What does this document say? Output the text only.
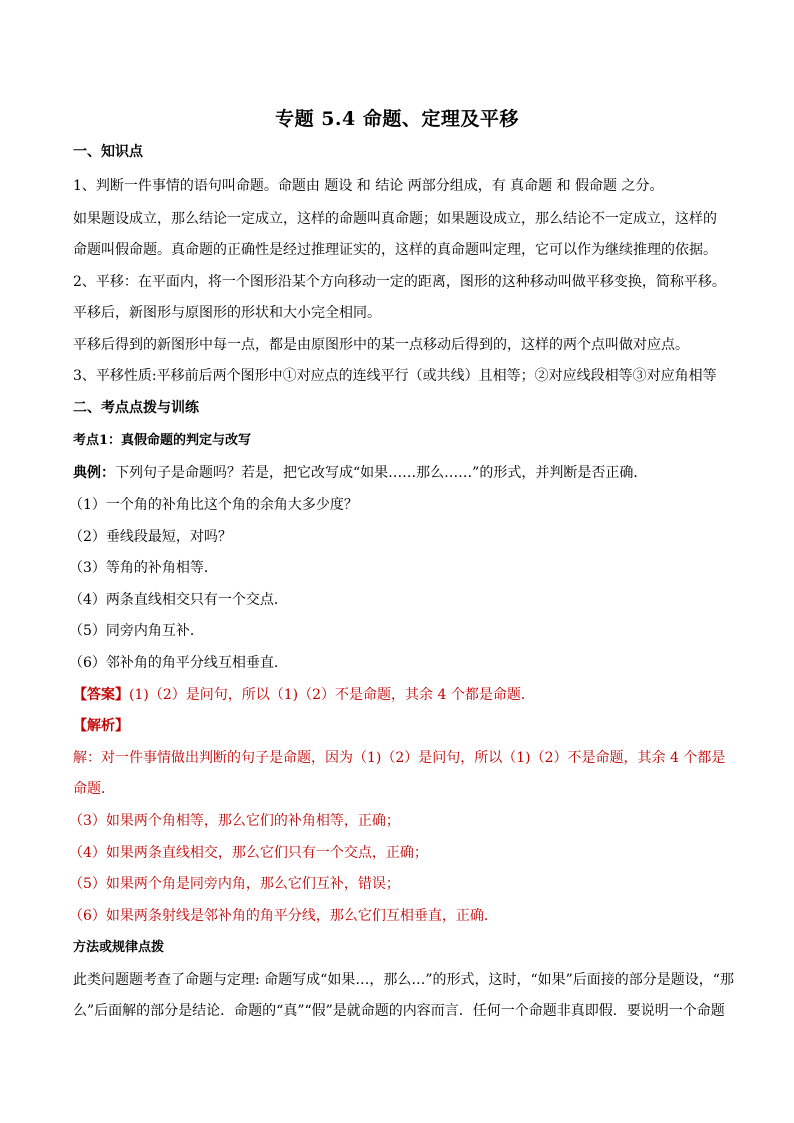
专题 5.4 命题、定理及平移
一、知识点
1、判断一件事情的语句叫命题。命题由 题设 和 结论 两部分组成，有 真命题 和 假命题 之分。
如果题设成立，那么结论一定成立，这样的命题叫真命题；如果题设成立，那么结论不一定成立，这样的
命题叫假命题。真命题的正确性是经过推理证实的，这样的真命题叫定理，它可以作为继续推理的依据。
2、平移：在平面内，将一个图形沿某个方向移动一定的距离，图形的这种移动叫做平移变换，简称平移。
平移后，新图形与原图形的形状和大小完全相同。
平移后得到的新图形中每一点，都是由原图形中的某一点移动后得到的，这样的两个点叫做对应点。
3、平移性质:平移前后两个图形中①对应点的连线平行（或共线）且相等；②对应线段相等③对应角相等
二、考点点拨与训练
考点1：真假命题的判定与改写
典例：下列句子是命题吗？若是，把它改写成“如果……那么……”的形式，并判断是否正确．
（1）一个角的补角比这个角的余角大多少度？
（2）垂线段最短，对吗？
（3）等角的补角相等．
（4）两条直线相交只有一个交点．
（5）同旁内角互补．
（6）邻补角的角平分线互相垂直.
【答案】(1)（2）是问句，所以（1)（2）不是命题，其余 4 个都是命题．
【解析】
解：对一件事情做出判断的句子是命题，因为（1)（2）是问句，所以（1)（2）不是命题，其余 4 个都是
命题．
（3）如果两个角相等，那么它们的补角相等，正确；
（4）如果两条直线相交，那么它们只有一个交点，正确；
（5）如果两个角是同旁内角，那么它们互补，错误；
（6）如果两条射线是邻补角的角平分线，那么它们互相垂直，正确.
方法或规律点拨
此类问题题考查了命题与定理: 命题写成“如果…，那么…”的形式，这时，“如果”后面接的部分是题设，“那
么”后面解的部分是结论．命题的“真”“假”是就命题的内容而言．任何一个命题非真即假．要说明一个命题
